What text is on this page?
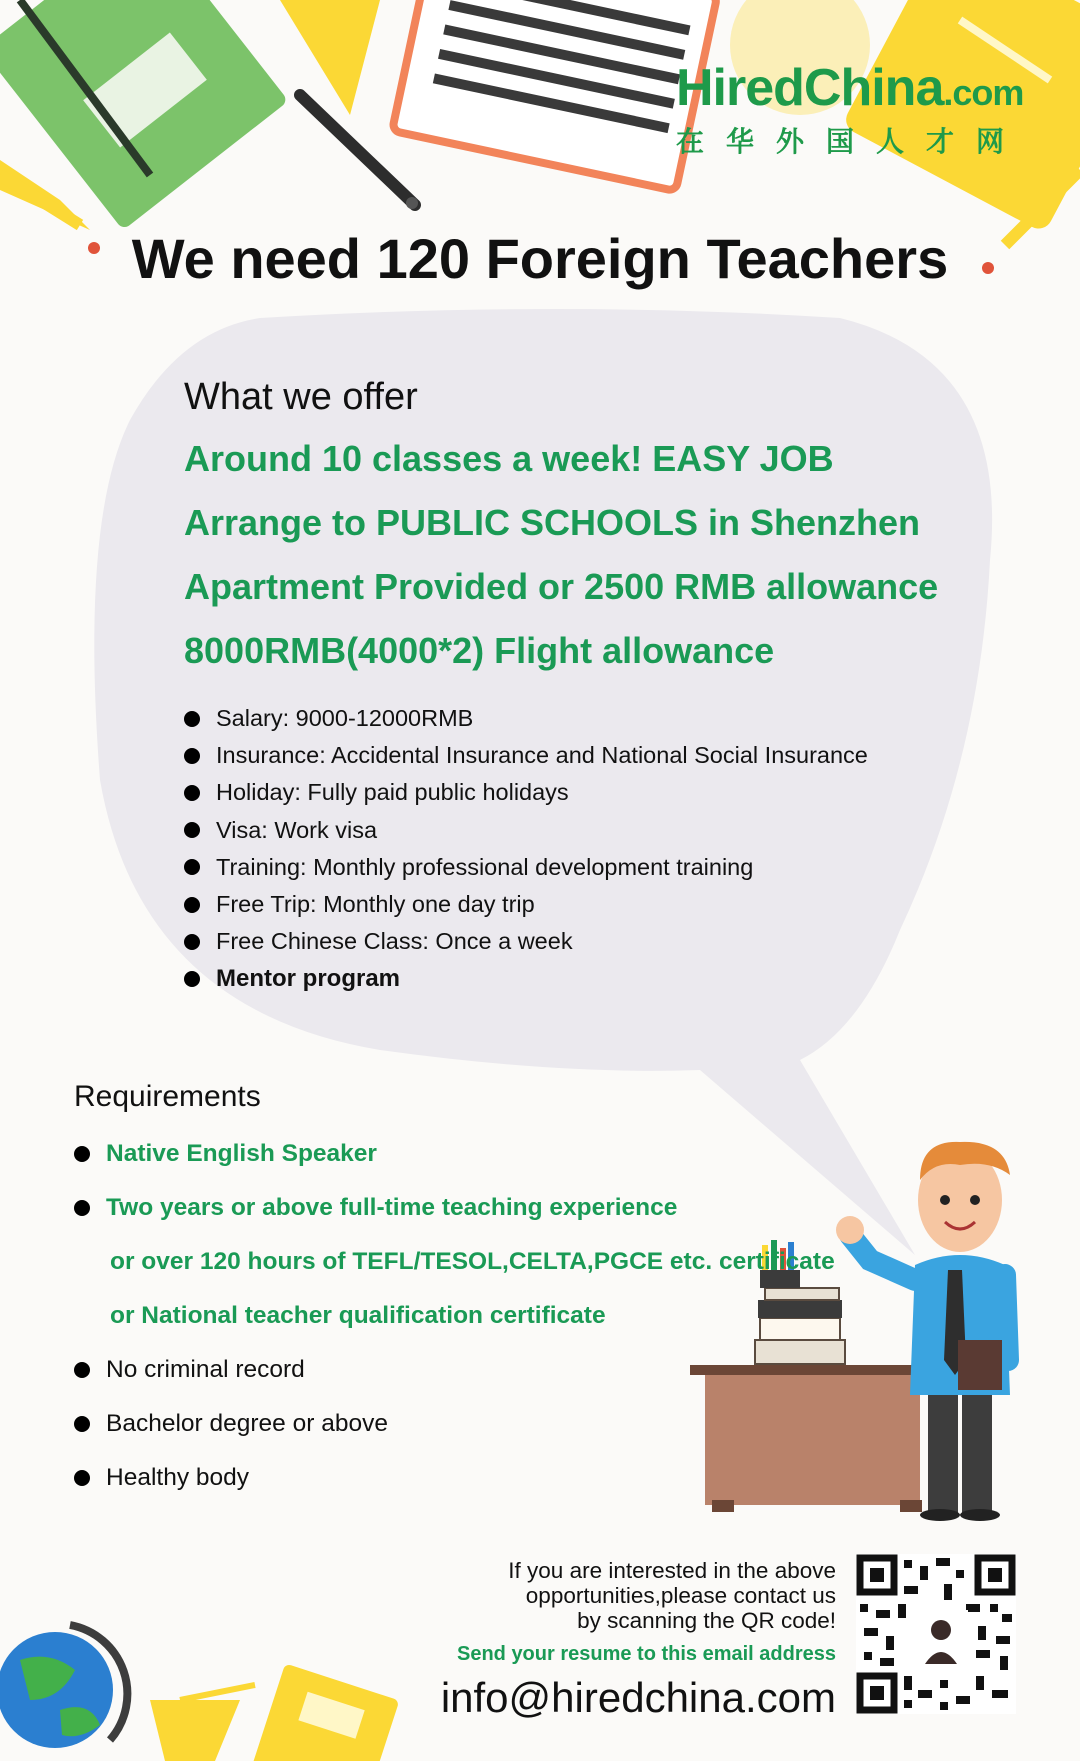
HiredChina.com
在华外国人才网
We need 120 Foreign Teachers
What we offer
Around 10 classes a week! EASY JOB
Arrange to PUBLIC SCHOOLS in Shenzhen
Apartment Provided or 2500 RMB allowance
8000RMB(4000*2) Flight allowance
Salary: 9000-12000RMB
Insurance: Accidental Insurance and National Social Insurance
Holiday: Fully paid public holidays
Visa: Work visa
Training: Monthly professional development training
Free Trip: Monthly one day trip
Free Chinese Class: Once a week
Mentor program
Requirements
Native English Speaker
Two years or above full-time teaching experience
or over 120 hours of TEFL/TESOL,CELTA,PGCE etc. certificate
or National teacher qualification certificate
No criminal record
Bachelor degree or above
Healthy body
If you are interested in the above
opportunities,please contact us
by scanning the QR code!
Send your resume to this email address
info@hiredchina.com
